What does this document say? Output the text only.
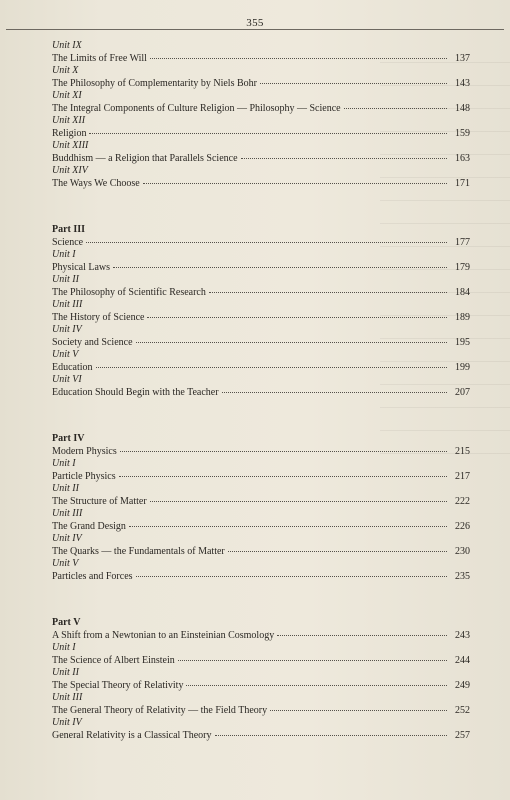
355
Unit IX
The Limits of Free Will	137
Unit X
The Philosophy of Complementarity by Niels Bohr	143
Unit XI
The Integral Components of Culture Religion — Philosophy — Science	148
Unit XII
Religion	159
Unit XIII
Buddhism — a Religion that Parallels Science	163
Unit XIV
The Ways We Choose	171
Part III
Science	177
Unit I
Physical Laws	179
Unit II
The Philosophy of Scientific Research	184
Unit III
The History of Science	189
Unit IV
Society and Science	195
Unit V
Education	199
Unit VI
Education Should Begin with the Teacher	207
Part IV
Modern Physics	215
Unit I
Particle Physics	217
Unit II
The Structure of Matter	222
Unit III
The Grand Design	226
Unit IV
The Quarks — the Fundamentals of Matter	230
Unit V
Particles and Forces	235
Part V
A Shift from a Newtonian to an Einsteinian Cosmology	243
Unit I
The Science of Albert Einstein	244
Unit II
The Special Theory of Relativity	249
Unit III
The General Theory of Relativity — the Field Theory	252
Unit IV
General Relativity is a Classical Theory	257
